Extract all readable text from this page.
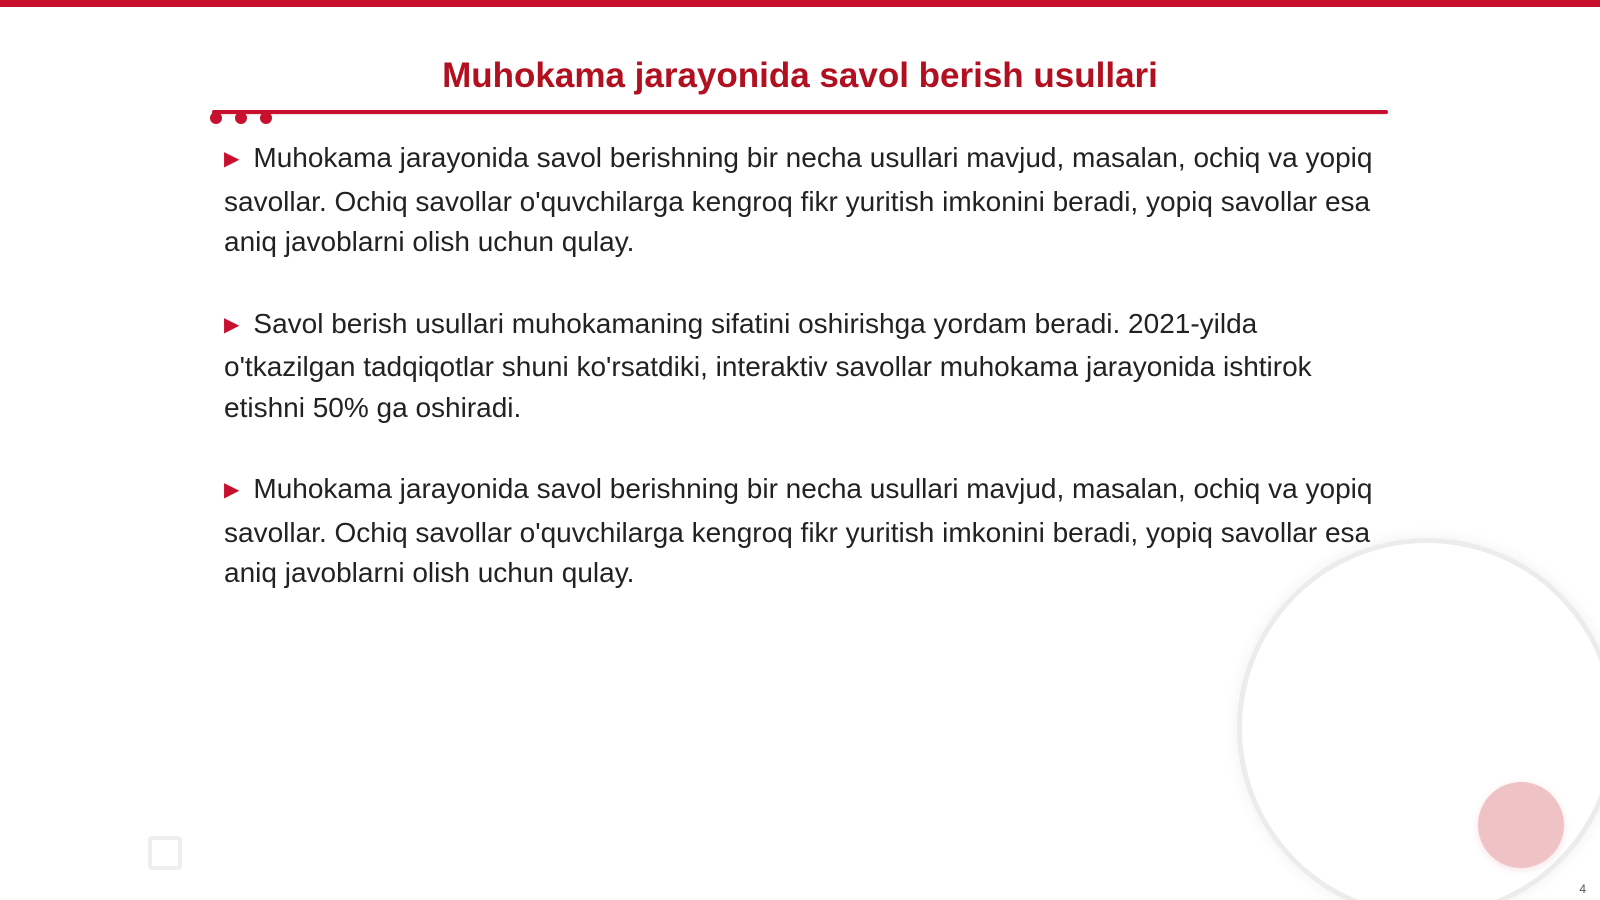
Muhokama jarayonida savol berish usullari

▶ Muhokama jarayonida savol berishning bir necha usullari mavjud, masalan, ochiq va yopiq savollar. Ochiq savollar o'quvchilarga kengroq fikr yuritish imkonini beradi, yopiq savollar esa aniq javoblarni olish uchun qulay.

▶ Savol berish usullari muhokamaning sifatini oshirishga yordam beradi. 2021-yilda o'tkazilgan tadqiqotlar shuni ko'rsatdiki, interaktiv savollar muhokama jarayonida ishtirok etishni 50% ga oshiradi.

▶ Muhokama jarayonida savol berishning bir necha usullari mavjud, masalan, ochiq va yopiq savollar. Ochiq savollar o'quvchilarga kengroq fikr yuritish imkonini beradi, yopiq savollar esa aniq javoblarni olish uchun qulay.

4
